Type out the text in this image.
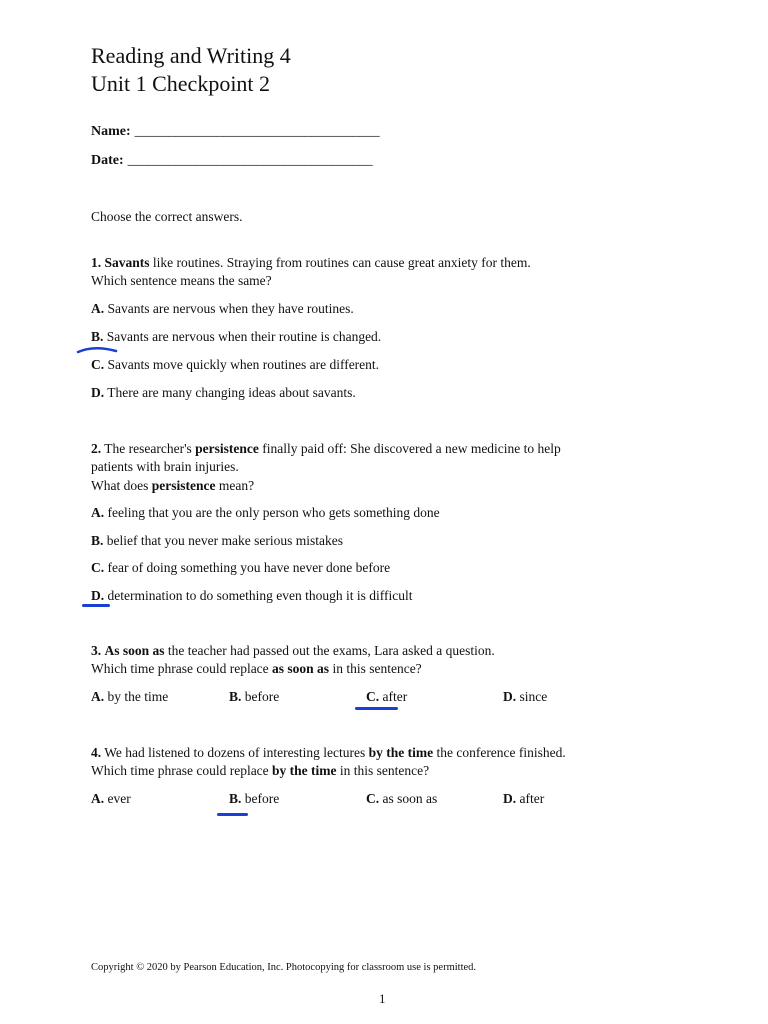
Reading and Writing 4
Unit 1 Checkpoint 2
Name: ____________________________________
Date: ____________________________________
Choose the correct answers.
1. Savants like routines. Straying from routines can cause great anxiety for them.
Which sentence means the same?
A. Savants are nervous when they have routines.
B. Savants are nervous when their routine is changed.
C. Savants move quickly when routines are different.
D. There are many changing ideas about savants.
2. The researcher's persistence finally paid off: She discovered a new medicine to help
patients with brain injuries.
What does persistence mean?
A. feeling that you are the only person who gets something done
B. belief that you never make serious mistakes
C. fear of doing something you have never done before
D. determination to do something even though it is difficult
3. As soon as the teacher had passed out the exams, Lara asked a question.
Which time phrase could replace as soon as in this sentence?
A. by the time	B. before	C. after	D. since
4. We had listened to dozens of interesting lectures by the time the conference finished.
Which time phrase could replace by the time in this sentence?
A. ever	B. before	C. as soon as	D. after
Copyright © 2020 by Pearson Education, Inc. Photocopying for classroom use is permitted.
1
